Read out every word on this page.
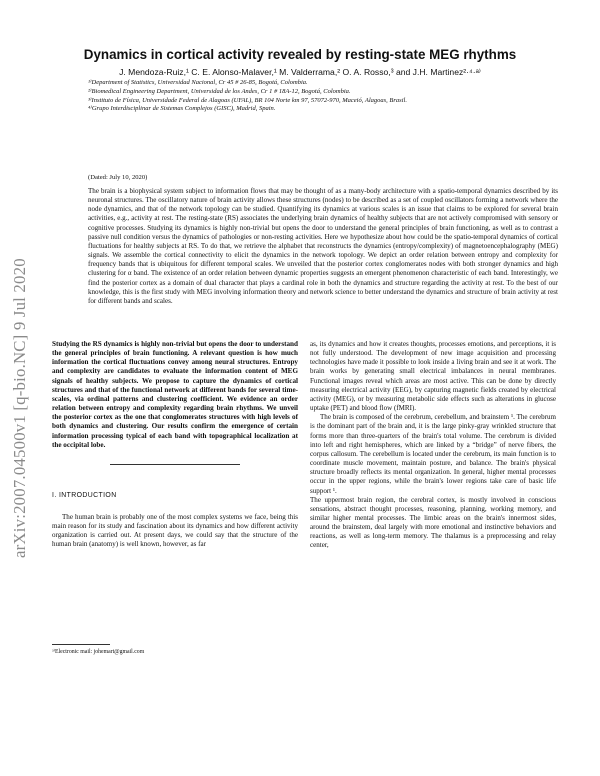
arXiv:2007.04500v1 [q-bio.NC] 9 Jul 2020
Dynamics in cortical activity revealed by resting-state MEG rhythms
J. Mendoza-Ruiz,¹ C. E. Alonso-Malaver,¹ M. Valderrama,² O. A. Rosso,³ and J.H. Martinez²·⁴·ᵃ⁾
¹⁾Department of Statistics, Universidad Nacional, Cr 45 # 26-85, Bogotá, Colombia.
²⁾Biomedical Engineering Department, Universidad de los Andes, Cr 1 # 18A-12, Bogotá, Colombia.
³⁾Instituto de Física, Universidade Federal de Alagoas (UFAL), BR 104 Norte km 97, 57072-970, Maceió, Alagoas, Brasil.
⁴⁾Grupo Interdisciplinar de Sistemas Complejos (GISC), Madrid, Spain.
(Dated: July 10, 2020)
The brain is a biophysical system subject to information flows that may be thought of as a many-body architecture with a spatio-temporal dynamics described by its neuronal structures. The oscillatory nature of brain activity allows these structures (nodes) to be described as a set of coupled oscillators forming a network where the node dynamics, and that of the network topology can be studied. Quantifying its dynamics at various scales is an issue that claims to be explored for several brain activities, e.g., activity at rest. The resting-state (RS) associates the underlying brain dynamics of healthy subjects that are not actively compromised with sensory or cognitive processes. Studying its dynamics is highly non-trivial but opens the door to understand the general principles of brain functioning, as well as to contrast a passive null condition versus the dynamics of pathologies or non-resting activities. Here we hypothesize about how could be the spatio-temporal dynamics of cortical fluctuations for healthy subjects at RS. To do that, we retrieve the alphabet that reconstructs the dynamics (entropy/complexity) of magnetoencephalography (MEG) signals. We assemble the cortical connectivity to elicit the dynamics in the network topology. We depict an order relation between entropy and complexity for frequency bands that is ubiquitous for different temporal scales. We unveiled that the posterior cortex conglomerates nodes with both stronger dynamics and high clustering for α band. The existence of an order relation between dynamic properties suggests an emergent phenomenon characteristic of each band. Interestingly, we find the posterior cortex as a domain of dual character that plays a cardinal role in both the dynamics and structure regarding the activity at rest. To the best of our knowledge, this is the first study with MEG involving information theory and network science to better understand the dynamics and structure of brain activity at rest for different bands and scales.

Studying the RS dynamics is highly non-trivial but opens the door to understand the general principles of brain functioning. A relevant question is how much information the cortical fluctuations convey among neural structures. Entropy and complexity are candidates to evaluate the information content of MEG signals of healthy subjects. We propose to capture the dynamics of cortical structures and that of the functional network at different bands for several time-scales, via ordinal patterns and clustering coefficient. We evidence an order relation between entropy and complexity regarding brain rhythms. We unveil the posterior cortex as the one that conglomerates structures with high levels of both dynamics and clustering. Our results confirm the emergence of certain information processing typical of each band with topographical localization at the occipital lobe.

I. INTRODUCTION

The human brain is probably one of the most complex systems we face, being this main reason for its study and fascination about its dynamics and how different activity organization is carried out. At present days, we could say that the structure of the human brain (anatomy) is well known, however, as far

ᵃ⁾Electronic mail: johemart@gmail.com

as, its dynamics and how it creates thoughts, processes emotions, and perceptions, it is not fully understood. The development of new image acquisition and processing technologies have made it possible to look inside a living brain and see it at work. The brain works by generating small electrical imbalances in neural membranes. Functional images reveal which areas are most active. This can be done by directly measuring electrical activity (EEG), by capturing magnetic fields created by electrical activity (MEG), or by measuring metabolic side effects such as alterations in glucose uptake (PET) and blood flow (fMRI).

The brain is composed of the cerebrum, cerebellum, and brainstem ¹. The cerebrum is the dominant part of the brain and, it is the large pinky-gray wrinkled structure that forms more than three-quarters of the brain's total volume. The cerebrum is divided into left and right hemispheres, which are linked by a “bridge” of nerve fibers, the corpus callosum. The cerebellum is located under the cerebrum, its main function is to coordinate muscle movement, maintain posture, and balance. The brain's physical structure broadly reflects its mental organization. In general, higher mental processes occur in the upper regions, while the brain's lower regions take care of basic life support ¹.

The uppermost brain region, the cerebral cortex, is mostly involved in conscious sensations, abstract thought processes, reasoning, planning, working memory, and similar higher mental processes. The limbic areas on the brain's innermost sides, around the brainstem, deal largely with more emotional and instinctive behaviors and reactions, as well as long-term memory. The thalamus is a preprocessing and relay center,
